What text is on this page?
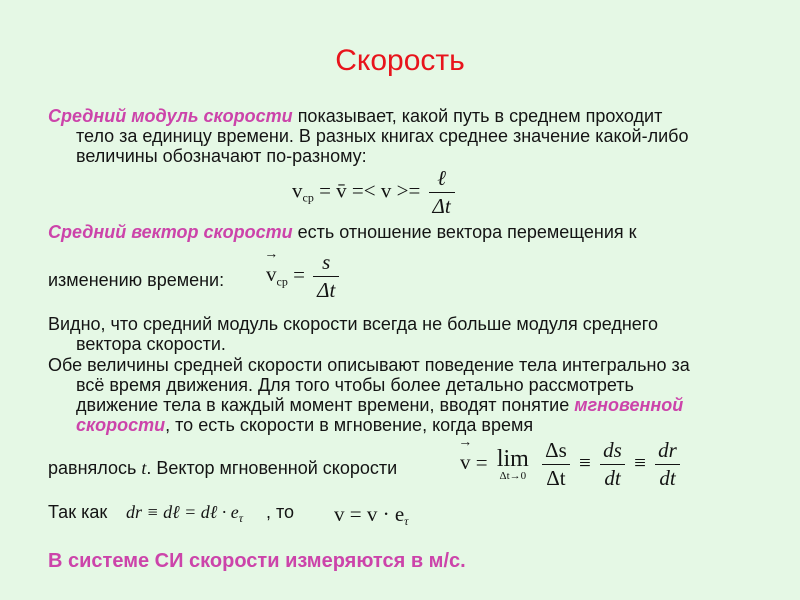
Скорость
Средний модуль скорости показывает, какой путь в среднем проходит
тело за единицу времени. В разных книгах среднее значение какой-либо
величины обозначают по-разному:
$v_{ср}$ = v̄ =< $v >= \frac{\text{ℓ}}{\Delta t}$
Средний вектор скорости есть отношение вектора перемещения к
изменению времени: → $v_{ср} = \frac{s}{\Delta t}$
Видно, что средний модуль скорости всегда не больше модуля среднего
вектора скорости.
Обе величины средней скорости описывают поведение тела интегрально за
всё время движения. Для того чтобы более детально рассмотреть
движение тела в каждый момент времени, вводят понятие мгновенной
скорости, то есть скорости в мгновение, когда время
равнялось t. Вектор мгновенной скорости	→ v = lim
Δt→0
$\frac{\Delta s}{\Delta t} \equiv \frac{ds}{dt} \equiv \frac{dr}{dt}$
Так как dr ≡ dℓ = dℓ · $e_\tau$ , то $v = v \cdot e_\tau$
В системе СИ скорости измеряются в м/с.
